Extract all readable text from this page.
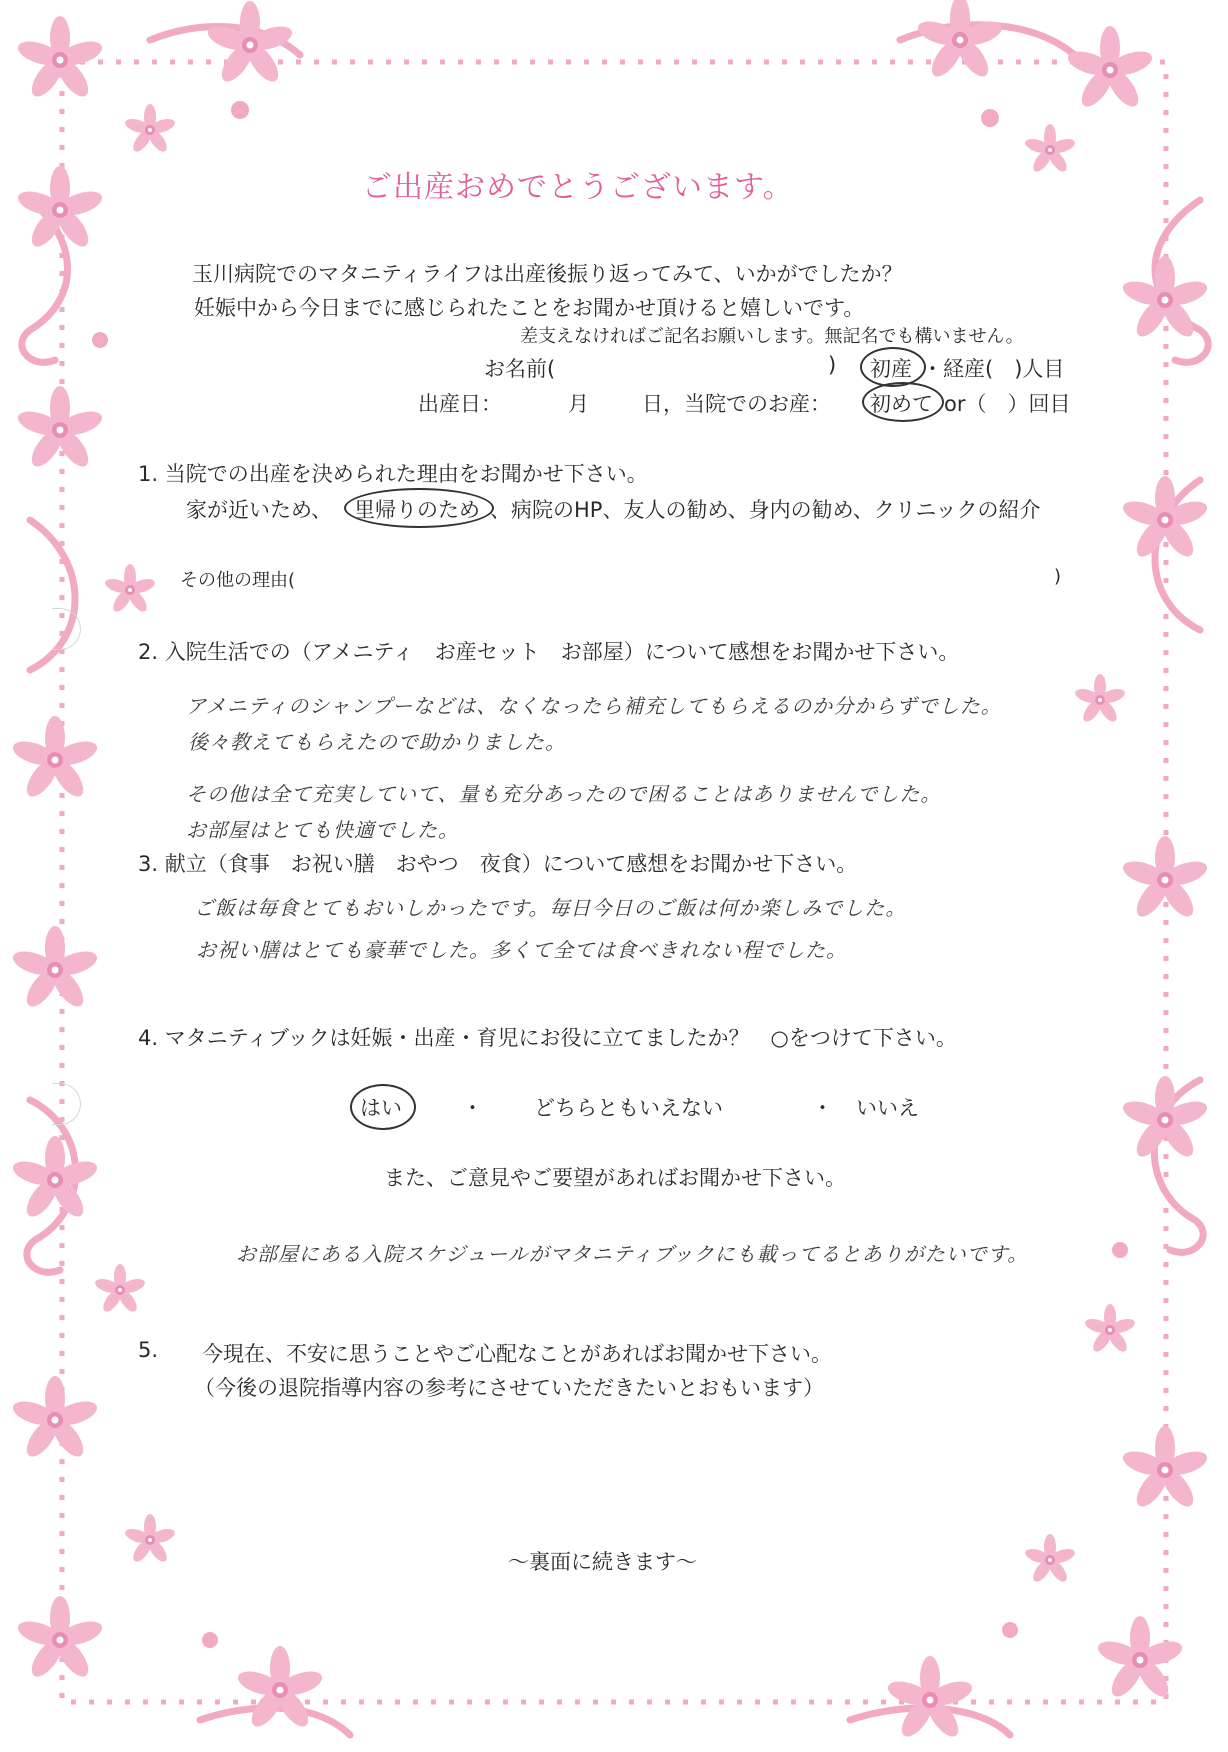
ご出産おめでとうございます。
玉川病院でのマタニティライフは出産後振り返ってみて、いかがでしたか？
妊娠中から今日までに感じられたことをお聞かせ頂けると嬉しいです。
差支えなければご記名お願いします。無記名でも構いません。
お名前(	) 初産 ・経産(　)人目
出産日：	月	日，当院でのお産： 初めて or（　）回目
1. 当院での出産を決められた理由をお聞かせ下さい。
家が近いため、 里帰りのため 、病院のHP、友人の勧め、身内の勧め、クリニックの紹介
その他の理由(	)
2. 入院生活での（アメニティ　お産セット　お部屋）について感想をお聞かせ下さい。
アメニティのシャンプーなどは、なくなったら補充してもらえるのか分からずでした。
後々教えてもらえたので助かりました。
その他は全て充実していて、量も充分あったので困ることはありませんでした。
お部屋はとても快適でした。
3. 献立（食事　お祝い膳　おやつ　夜食）について感想をお聞かせ下さい。
ご飯は毎食とてもおいしかったです。毎日今日のご飯は何か楽しみでした。
お祝い膳はとても豪華でした。多くて全ては食べきれない程でした。
4. マタニティブックは妊娠・出産・育児にお役に立てましたか？　○をつけて下さい。
はい	・ どちらともいえない	・ いいえ
また、ご意見やご要望があればお聞かせ下さい。
お部屋にある入院スケジュールがマタニティブックにも載ってるとありがたいです。
5. 今現在、不安に思うことやご心配なことがあればお聞かせ下さい。
（今後の退院指導内容の参考にさせていただきたいとおもいます）
～裏面に続きます～
